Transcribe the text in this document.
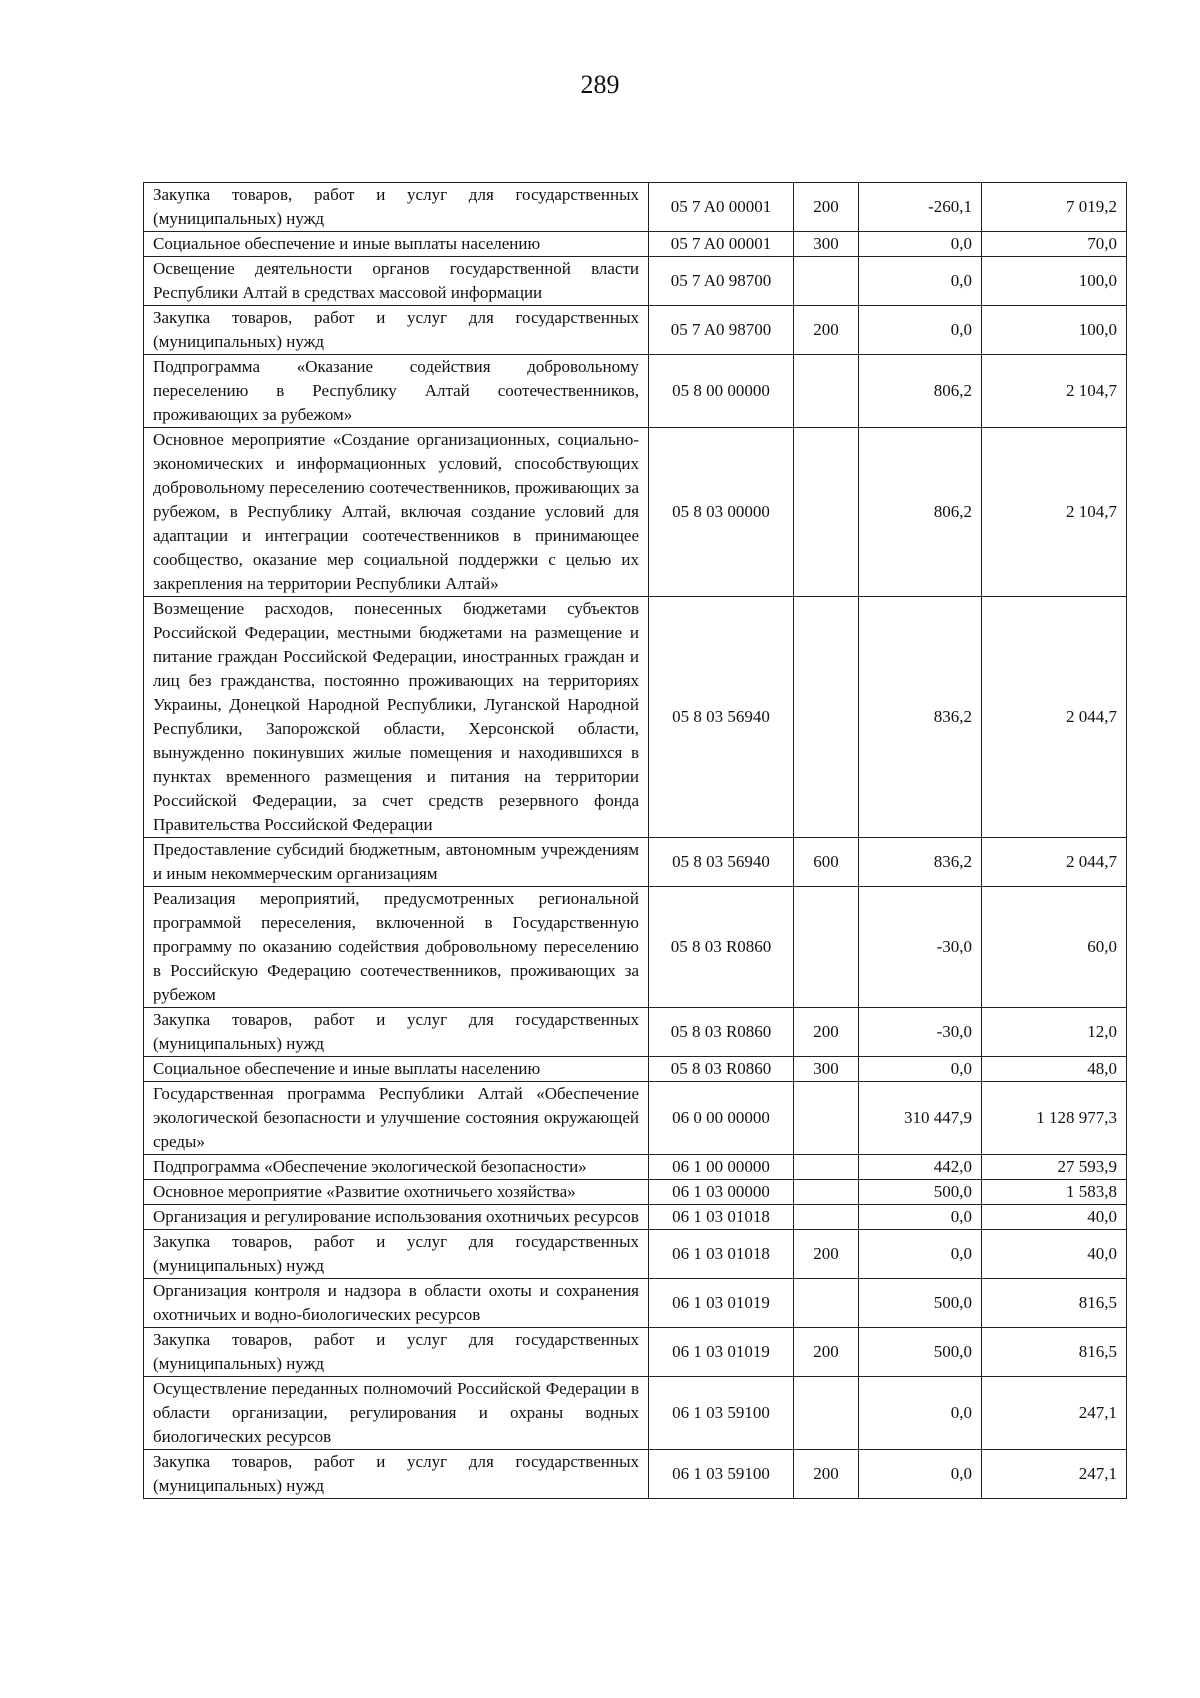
289
Закупка товаров, работ и услуг для государственных (муниципальных) нужд	05 7 A0 00001	200	-260,1	7 019,2
Социальное обеспечение и иные выплаты населению	05 7 A0 00001	300	0,0	70,0
Освещение деятельности органов государственной власти Республики Алтай в средствах массовой информации	05 7 A0 98700		0,0	100,0
Закупка товаров, работ и услуг для государственных (муниципальных) нужд	05 7 A0 98700	200	0,0	100,0
Подпрограмма «Оказание содействия добровольному переселению в Республику Алтай соотечественников, проживающих за рубежом»	05 8 00 00000		806,2	2 104,7
Основное мероприятие «Создание организационных, социально-экономических и информационных условий, способствующих добровольному переселению соотечественников, проживающих за рубежом, в Республику Алтай, включая создание условий для адаптации и интеграции соотечественников в принимающее сообщество, оказание мер социальной поддержки с целью их закрепления на территории Республики Алтай»	05 8 03 00000		806,2	2 104,7
Возмещение расходов, понесенных бюджетами субъектов Российской Федерации, местными бюджетами на размещение и питание граждан Российской Федерации, иностранных граждан и лиц без гражданства, постоянно проживающих на территориях Украины, Донецкой Народной Республики, Луганской Народной Республики, Запорожской области, Херсонской области, вынужденно покинувших жилые помещения и находившихся в пунктах временного размещения и питания на территории Российской Федерации, за счет средств резервного фонда Правительства Российской Федерации	05 8 03 56940		836,2	2 044,7
Предоставление субсидий бюджетным, автономным учреждениям и иным некоммерческим организациям	05 8 03 56940	600	836,2	2 044,7
Реализация мероприятий, предусмотренных региональной программой переселения, включенной в Государственную программу по оказанию содействия добровольному переселению в Российскую Федерацию соотечественников, проживающих за рубежом	05 8 03 R0860		-30,0	60,0
Закупка товаров, работ и услуг для государственных (муниципальных) нужд	05 8 03 R0860	200	-30,0	12,0
Социальное обеспечение и иные выплаты населению	05 8 03 R0860	300	0,0	48,0
Государственная программа Республики Алтай «Обеспечение экологической безопасности и улучшение состояния окружающей среды»	06 0 00 00000		310 447,9	1 128 977,3
Подпрограмма «Обеспечение экологической безопасности»	06 1 00 00000		442,0	27 593,9
Основное мероприятие «Развитие охотничьего хозяйства»	06 1 03 00000		500,0	1 583,8
Организация и регулирование использования охотничьих ресурсов	06 1 03 01018		0,0	40,0
Закупка товаров, работ и услуг для государственных (муниципальных) нужд	06 1 03 01018	200	0,0	40,0
Организация контроля и надзора в области охоты и сохранения охотничьих и водно-биологических ресурсов	06 1 03 01019		500,0	816,5
Закупка товаров, работ и услуг для государственных (муниципальных) нужд	06 1 03 01019	200	500,0	816,5
Осуществление переданных полномочий Российской Федерации в области организации, регулирования и охраны водных биологических ресурсов	06 1 03 59100		0,0	247,1
Закупка товаров, работ и услуг для государственных (муниципальных) нужд	06 1 03 59100	200	0,0	247,1
